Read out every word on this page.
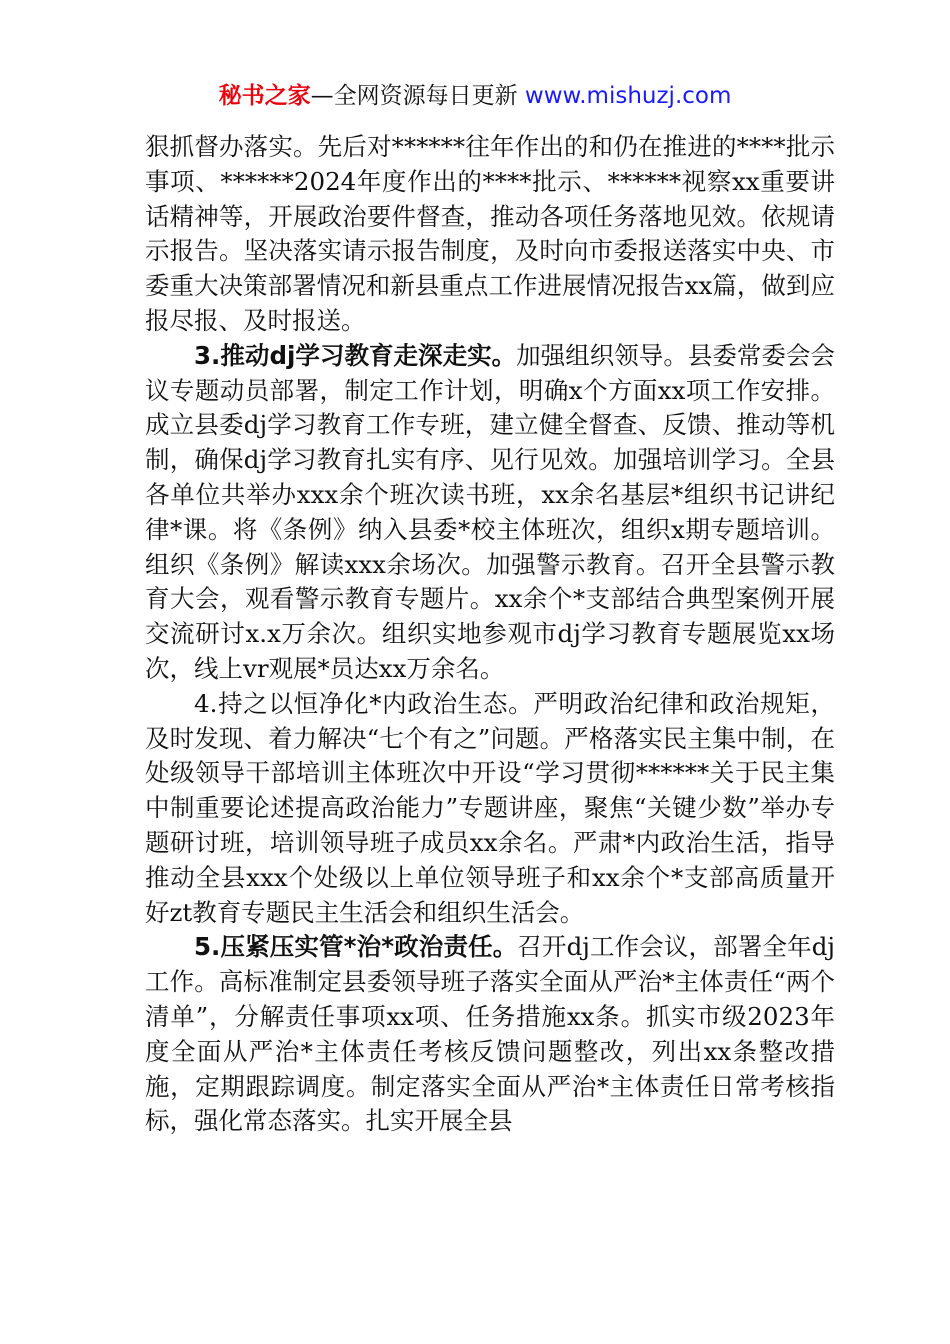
秘书之家—全网资源每日更新 www.mishuzj.com

狠抓督办落实。先后对******往年作出的和仍在推进的****批示事项、******2024年度作出的****批示、******视察xx重要讲话精神等，开展政治要件督查，推动各项任务落地见效。依规请示报告。坚决落实请示报告制度，及时向市委报送落实中央、市委重大决策部署情况和新县重点工作进展情况报告xx篇，做到应报尽报、及时报送。

3.推动dj学习教育走深走实。加强组织领导。县委常委会会议专题动员部署，制定工作计划，明确x个方面xx项工作安排。成立县委dj学习教育工作专班，建立健全督查、反馈、推动等机制，确保dj学习教育扎实有序、见行见效。加强培训学习。全县各单位共举办xxx余个班次读书班，xx余名基层*组织书记讲纪律*课。将《条例》纳入县委*校主体班次，组织x期专题培训。组织《条例》解读xxx余场次。加强警示教育。召开全县警示教育大会，观看警示教育专题片。xx余个*支部结合典型案例开展交流研讨x.x万余次。组织实地参观市dj学习教育专题展览xx场次，线上vr观展*员达xx万余名。

4.持之以恒净化*内政治生态。严明政治纪律和政治规矩，及时发现、着力解决“七个有之”问题。严格落实民主集中制，在处级领导干部培训主体班次中开设“学习贯彻******关于民主集中制重要论述提高政治能力”专题讲座，聚焦“关键少数”举办专题研讨班，培训领导班子成员xx余名。严肃*内政治生活，指导推动全县xxx个处级以上单位领导班子和xx余个*支部高质量开好zt教育专题民主生活会和组织生活会。

5.压紧压实管*治*政治责任。召开dj工作会议，部署全年dj工作。高标准制定县委领导班子落实全面从严治*主体责任“两个清单”，分解责任事项xx项、任务措施xx条。抓实市级2023年度全面从严治*主体责任考核反馈问题整改，列出xx条整改措施，定期跟踪调度。制定落实全面从严治*主体责任日常考核指标，强化常态落实。扎实开展全县
